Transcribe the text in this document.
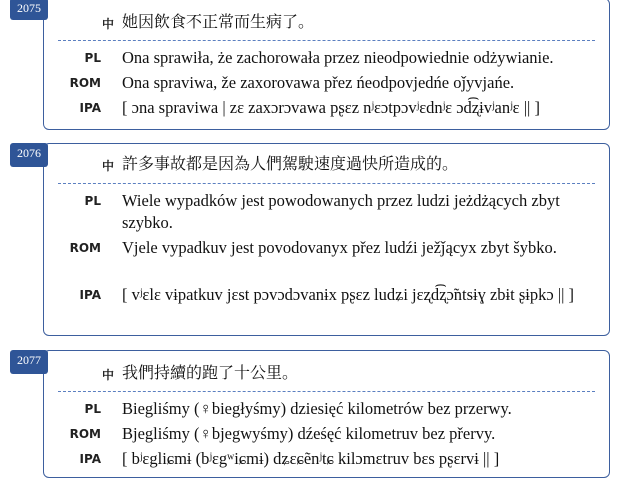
中 她因飲食不正常而生病了。
PL Ona sprawiła, że zachorowała przez nieodpowiednie odżywianie.
ROM Ona spraviwa, že zaxorovawa přez ńeodpovjedńe oǰyvjańe.
IPA [ ɔna spraviwa | zɛ zaxɔrɔvawa pʂɛz nʲɛɔtpɔvʲɛdnʲɛ ɔd͡ʐɨvʲanʲɛ || ]
2075
中 許多事故都是因為人們駕駛速度過快所造成的。
PL Wiele wypadków jest powodowanych przez ludzi jeżdżących zbyt szybko.
ROM Vjele vypadkuv jest povodovanyx přez ludźi ježǰącyx zbyt šybko.
IPA [ vʲɛlɛ vɨpatkuv jɛst pɔvɔdɔvanɨx pʂɛz ludʑi jɛʐd͡ʐɔ̃ntsɨɣ zbɨt ʂɨpkɔ || ]
2076
中 我們持續的跑了十公里。
PL Biegliśmy (♀biegłyśmy) dziesięć kilometrów bez przerwy.
ROM Bjegliśmy (♀bjegwyśmy) dźeśęć kilometruv bez přervy.
IPA [ bʲɛgliɕmɨ (bʲɛgʷiɕmɨ) dʑɛɕẽnʲtɕ kilɔmɛtruv bɛs pʂɛrvɨ || ]
2077
